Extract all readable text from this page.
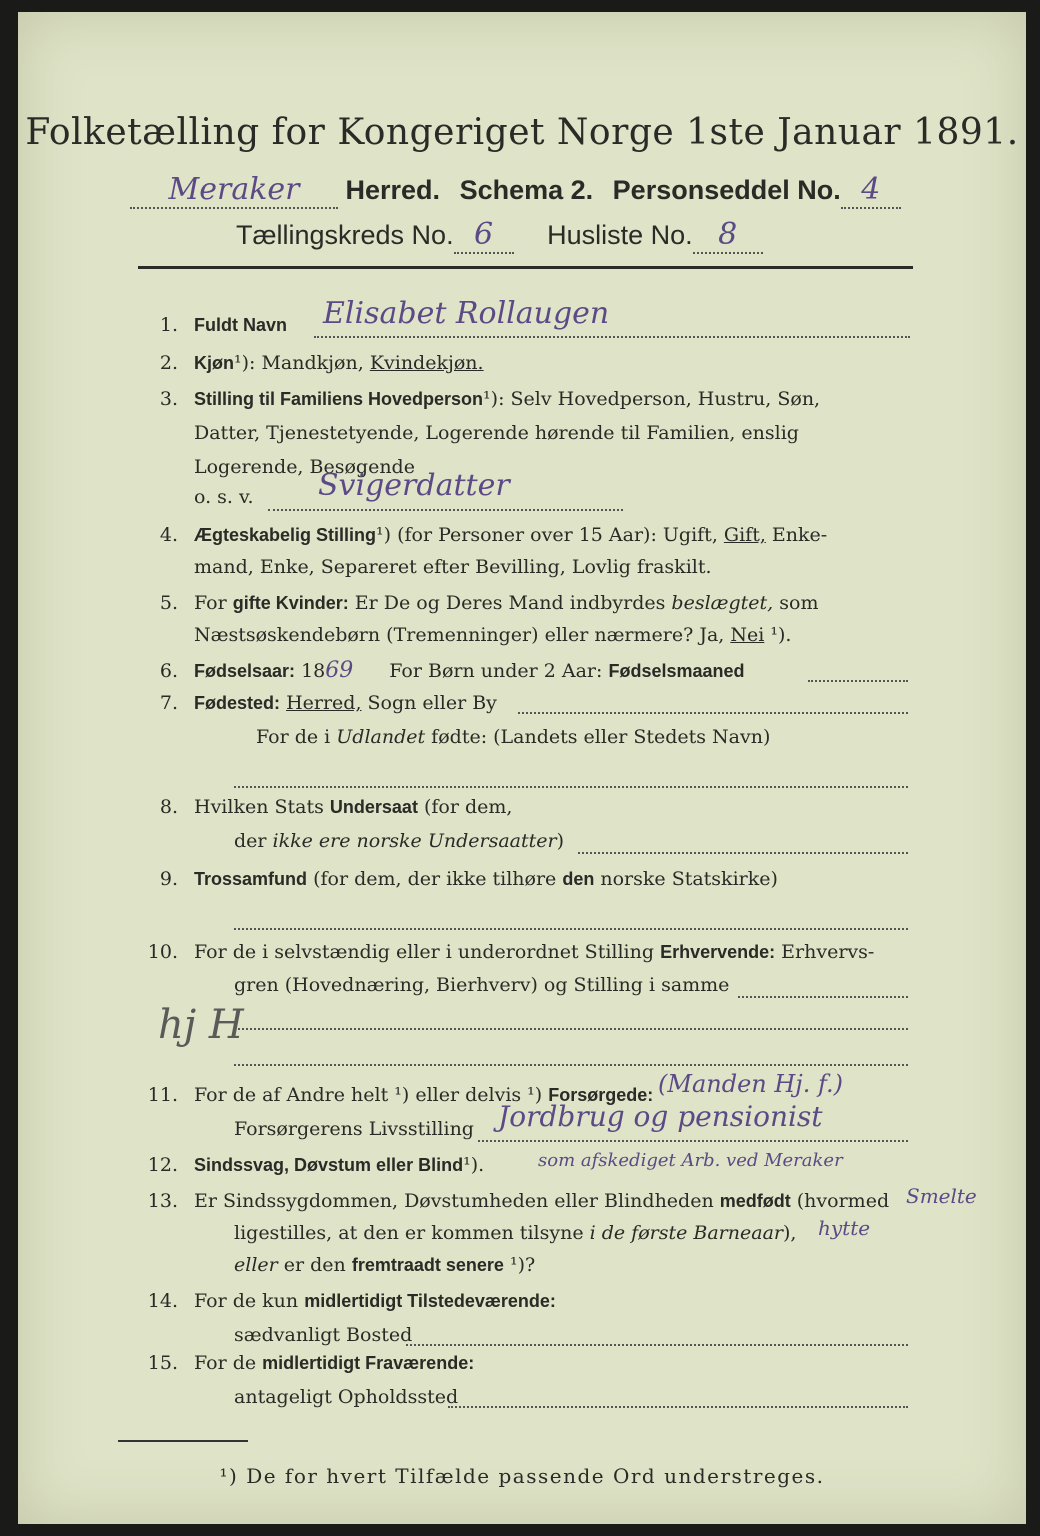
Folketælling for Kongeriget Norge 1ste Januar 1891.
Meraker Herred. Schema 2. Personseddel No. 4
Tællingskreds No. 6 Husliste No. 8
1. Fuldt Navn	Elisabet Rollaugen
2. Kjøn¹): Mandkjøn, Kvindekjøn.
3. Stilling til Familiens Hovedperson¹): Selv Hovedperson, Hustru, Søn,
Datter, Tjenestetyende, Logerende hørende til Familien, enslig
Logerende, Besøgende
o. s. v.	Svigerdatter
4. Ægteskabelig Stilling¹) (for Personer over 15 Aar): Ugift, Gift, Enke-
mand, Enke, Separeret efter Bevilling, Lovlig fraskilt.
5. For gifte Kvinder: Er De og Deres Mand indbyrdes beslægtet, som
Næstsøskendebørn (Tremenninger) eller nærmere? Ja, Nei ¹).
6. Fødselsaar: 1869 For Børn under 2 Aar: Fødselsmaaned
7. Fødested: Herred, Sogn eller By
For de i Udlandet fødte: (Landets eller Stedets Navn)
8. Hvilken Stats Undersaat (for dem,
der ikke ere norske Undersaatter)
9. Trossamfund (for dem, der ikke tilhøre den norske Statskirke)
10. For de i selvstændig eller i underordnet Stilling Erhvervende: Erhvervs-
gren (Hovednæring, Bierhverv) og Stilling i samme
hj H
11. For de af Andre helt ¹) eller delvis ¹) Forsørgede: (Manden Hj. f.)
Forsørgerens Livsstilling Jordbrug og pensionist
12. Sindssvag, Døvstum eller Blind¹).	som afskediget Arb. ved Meraker
13. Er Sindssygdommen, Døvstumheden eller Blindheden medfødt (hvormed Smelte
ligestilles, at den er kommen tilsyne i de første Barneaar),	hytte
eller er den fremtraadt senere ¹)?
14. For de kun midlertidigt Tilstedeværende:
sædvanligt Bosted
15. For de midlertidigt Fraværende:
antageligt Opholdssted
¹) De for hvert Tilfælde passende Ord understreges.
